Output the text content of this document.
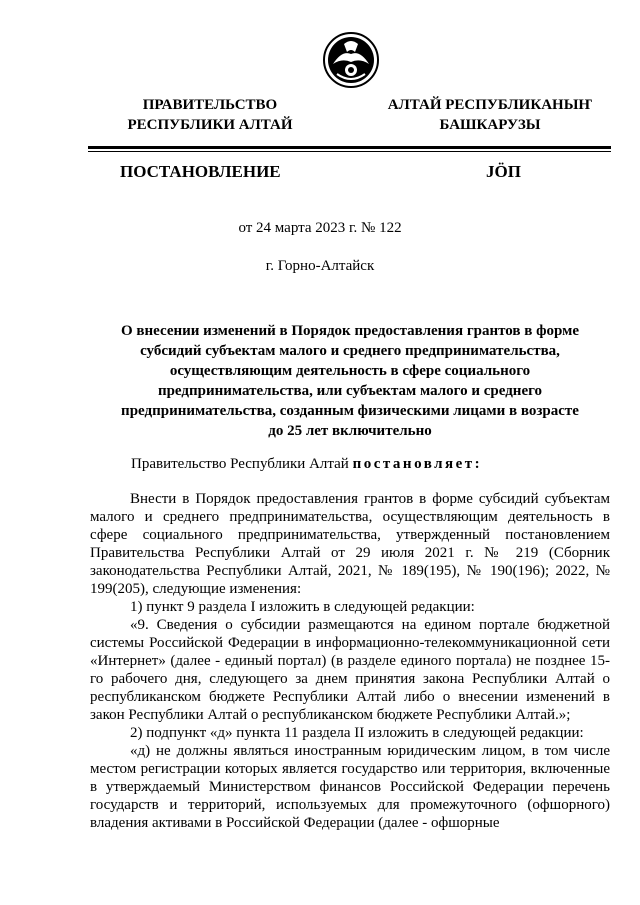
ПРАВИТЕЛЬСТВО
РЕСПУБЛИКИ АЛТАЙ
АЛТАЙ РЕСПУБЛИКАНЫҤ
БАШКАРУЗЫ
ПОСТАНОВЛЕНИЕ	JÖП
от 24 марта 2023 г. № 122
г. Горно-Алтайск
О внесении изменений в Порядок предоставления грантов в форме
субсидий субъектам малого и среднего предпринимательства,
осуществляющим деятельность в сфере социального
предпринимательства, или субъектам малого и среднего
предпринимательства, созданным физическими лицами в возрасте
до 25 лет включительно
Правительство Республики Алтай постановляет:

Внести в Порядок предоставления грантов в форме субсидий субъектам малого и среднего предпринимательства, осуществляющим деятельность в сфере социального предпринимательства, утвержденный постановлением Правительства Республики Алтай от 29 июля 2021 г. № 219 (Сборник законодательства Республики Алтай, 2021, № 189(195), № 190(196); 2022, № 199(205), следующие изменения:

1) пункт 9 раздела I изложить в следующей редакции:

«9. Сведения о субсидии размещаются на едином портале бюджетной системы Российской Федерации в информационно-телекоммуникационной сети «Интернет» (далее - единый портал) (в разделе единого портала) не позднее 15-го рабочего дня, следующего за днем принятия закона Республики Алтай о республиканском бюджете Республики Алтай либо о внесении изменений в закон Республики Алтай о республиканском бюджете Республики Алтай.»;

2) подпункт «д» пункта 11 раздела II изложить в следующей редакции:

«д) не должны являться иностранным юридическим лицом, в том числе местом регистрации которых является государство или территория, включенные в утверждаемый Министерством финансов Российской Федерации перечень государств и территорий, используемых для промежуточного (офшорного) владения активами в Российской Федерации (далее - офшорные
